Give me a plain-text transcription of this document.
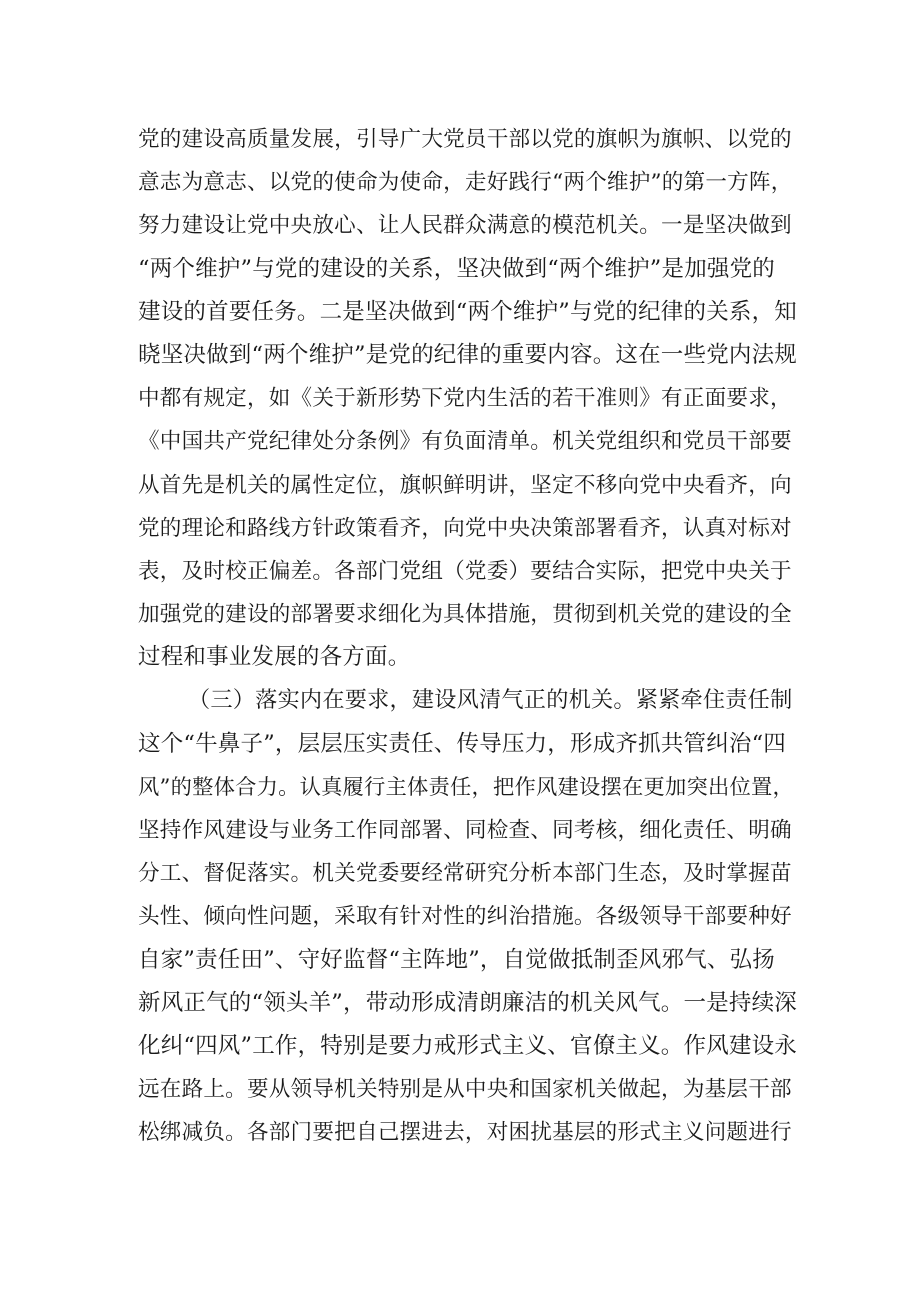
党的建设高质量发展，引导广大党员干部以党的旗帜为旗帜、以党的
意志为意志、以党的使命为使命，走好践行“两个维护”的第一方阵，
努力建设让党中央放心、让人民群众满意的模范机关。一是坚决做到
“两个维护”与党的建设的关系，坚决做到“两个维护”是加强党的
建设的首要任务。二是坚决做到“两个维护”与党的纪律的关系，知
晓坚决做到“两个维护”是党的纪律的重要内容。这在一些党内法规
中都有规定，如《关于新形势下党内生活的若干准则》有正面要求，
《中国共产党纪律处分条例》有负面清单。机关党组织和党员干部要
从首先是机关的属性定位，旗帜鲜明讲，坚定不移向党中央看齐，向
党的理论和路线方针政策看齐，向党中央决策部署看齐，认真对标对
表，及时校正偏差。各部门党组（党委）要结合实际，把党中央关于
加强党的建设的部署要求细化为具体措施，贯彻到机关党的建设的全
过程和事业发展的各方面。
（三）落实内在要求，建设风清气正的机关。紧紧牵住责任制
这个“牛鼻子”，层层压实责任、传导压力，形成齐抓共管纠治“四
风”的整体合力。认真履行主体责任，把作风建设摆在更加突出位置，
坚持作风建设与业务工作同部署、同检查、同考核，细化责任、明确
分工、督促落实。机关党委要经常研究分析本部门生态，及时掌握苗
头性、倾向性问题，采取有针对性的纠治措施。各级领导干部要种好
自家”责任田”、守好监督“主阵地”，自觉做抵制歪风邪气、弘扬
新风正气的“领头羊”，带动形成清朗廉洁的机关风气。一是持续深
化纠“四风”工作，特别是要力戒形式主义、官僚主义。作风建设永
远在路上。要从领导机关特别是从中央和国家机关做起，为基层干部
松绑减负。各部门要把自己摆进去，对困扰基层的形式主义问题进行
